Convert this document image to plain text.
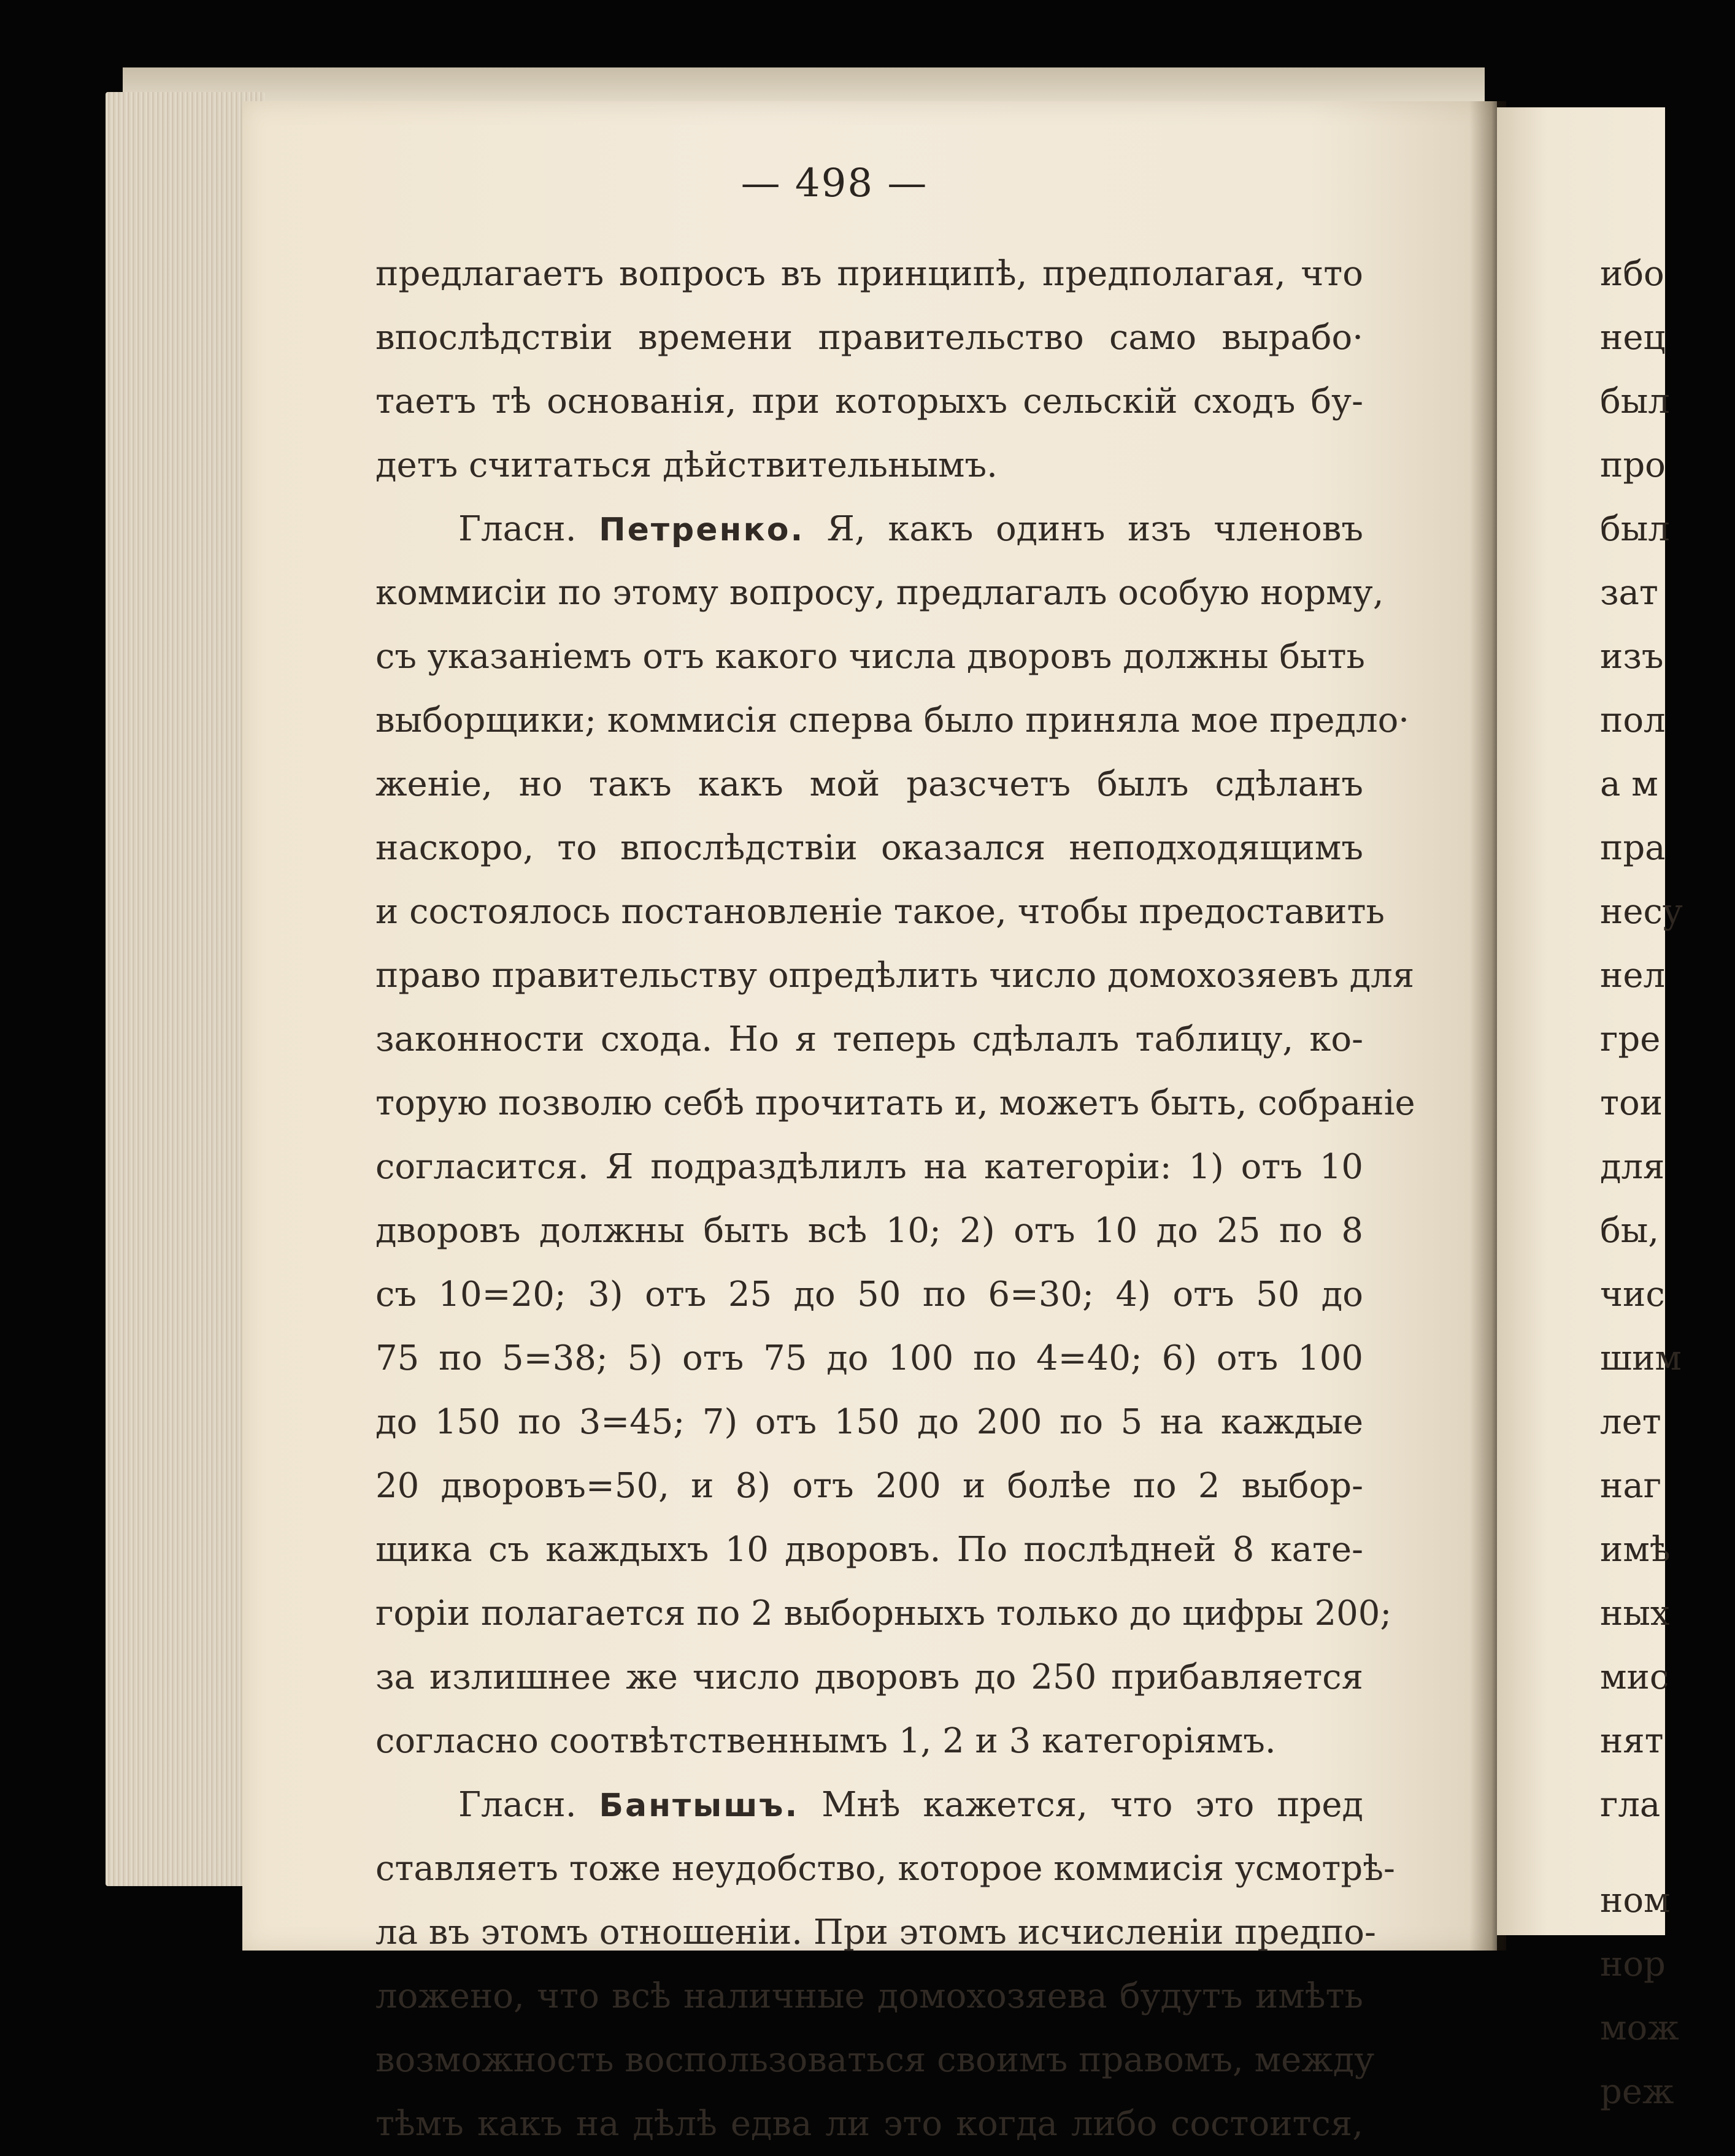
— 498 —
предлагаетъ вопросъ въ принципѣ, предполагая, что
впослѣдствіи времени правительство само вырабо·
таетъ тѣ основанія, при которыхъ сельскій сходъ бу-
детъ считаться дѣйствительнымъ.
Гласн. Петренко. Я, какъ одинъ изъ членовъ
коммисіи по этому вопросу, предлагалъ особую норму,
съ указаніемъ отъ какого числа дворовъ должны быть
выборщики; коммисія сперва было приняла мое предло·
женіе, но такъ какъ мой разсчетъ былъ сдѣланъ
наскоро, то впослѣдствіи оказался неподходящимъ
и состоялось постановленіе такое, чтобы предоставить
право правительству опредѣлить число домохозяевъ для
законности схода. Но я теперь сдѣлалъ таблицу, ко-
торую позволю себѣ прочитать и, можетъ быть, собраніе
согласится. Я подраздѣлилъ на категоріи: 1) отъ 10
дворовъ должны быть всѣ 10; 2) отъ 10 до 25 по 8
съ 10=20; 3) отъ 25 до 50 по 6=30; 4) отъ 50 до
75 по 5=38; 5) отъ 75 до 100 по 4=40; 6) отъ 100
до 150 по 3=45; 7) отъ 150 до 200 по 5 на каждые
20 дворовъ=50, и 8) отъ 200 и болѣе по 2 выбор-
щика съ каждыхъ 10 дворовъ. По послѣдней 8 кате-
горіи полагается по 2 выборныхъ только до цифры 200;
за излишнее же число дворовъ до 250 прибавляется
согласно соотвѣтственнымъ 1, 2 и 3 категоріямъ.
Гласн. Бантышъ. Мнѣ кажется, что это пред
ставляетъ тоже неудобство, которое коммисія усмотрѣ-
ла въ этомъ отношеніи. При этомъ исчисленіи предпо-
ложено, что всѣ наличные домохозяева будутъ имѣть
возможность воспользоваться своимъ правомъ, между
тѣмъ какъ на дѣлѣ едва ли это когда либо состоится,
ибо
нец
был
про
был
зат
изъ
пол
а м
пра
несу
нел
гре
тои
для
бы,
чис
шим
лет
наг
имѣ
ных
мис
нят
гла
ном
нор
мож
реж
